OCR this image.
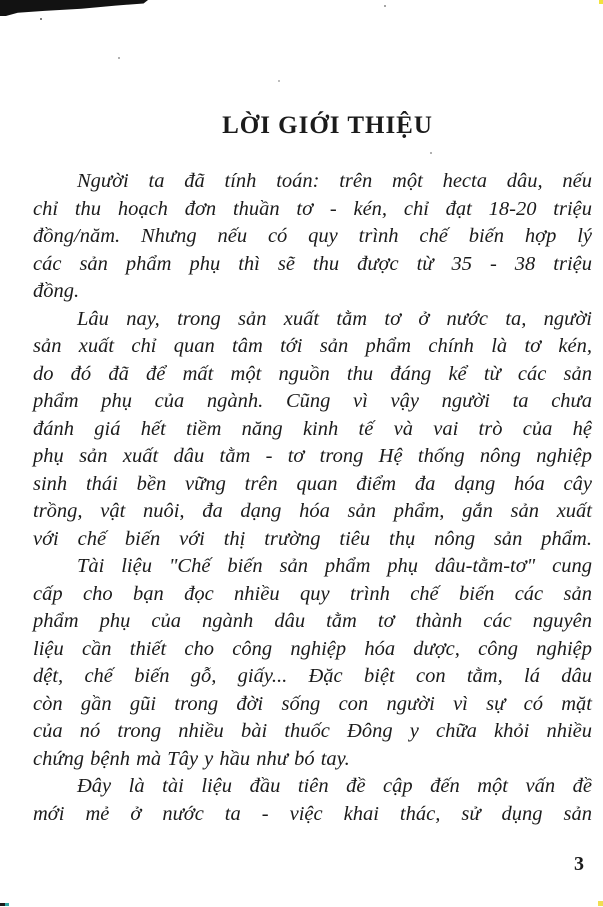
LỜI GIỚI THIỆU
Người ta đã tính toán: trên một hecta dâu, nếu
chỉ thu hoạch đơn thuần tơ - kén, chỉ đạt 18-20 triệu
đồng/năm. Nhưng nếu có quy trình chế biến hợp lý
các sản phẩm phụ thì sẽ thu được từ 35 - 38 triệu
đồng.
Lâu nay, trong sản xuất tằm tơ ở nước ta, người
sản xuất chỉ quan tâm tới sản phẩm chính là tơ kén,
do đó đã để mất một nguồn thu đáng kể từ các sản
phẩm phụ của ngành. Cũng vì vậy người ta chưa
đánh giá hết tiềm năng kinh tế và vai trò của hệ
phụ sản xuất dâu tằm - tơ trong Hệ thống nông nghiệp
sinh thái bền vững trên quan điểm đa dạng hóa cây
trồng, vật nuôi, đa dạng hóa sản phẩm, gắn sản xuất
với chế biến với thị trường tiêu thụ nông sản phẩm.
Tài liệu "Chế biến sản phẩm phụ dâu-tằm-tơ" cung
cấp cho bạn đọc nhiều quy trình chế biến các sản
phẩm phụ của ngành dâu tằm tơ thành các nguyên
liệu cần thiết cho công nghiệp hóa dược, công nghiệp
dệt, chế biến gỗ, giấy... Đặc biệt con tằm, lá dâu
còn gần gũi trong đời sống con người vì sự có mặt
của nó trong nhiều bài thuốc Đông y chữa khỏi nhiều
chứng bệnh mà Tây y hầu như bó tay.
Đây là tài liệu đầu tiên đề cập đến một vấn đề
mới mẻ ở nước ta - việc khai thác, sử dụng sản
3
